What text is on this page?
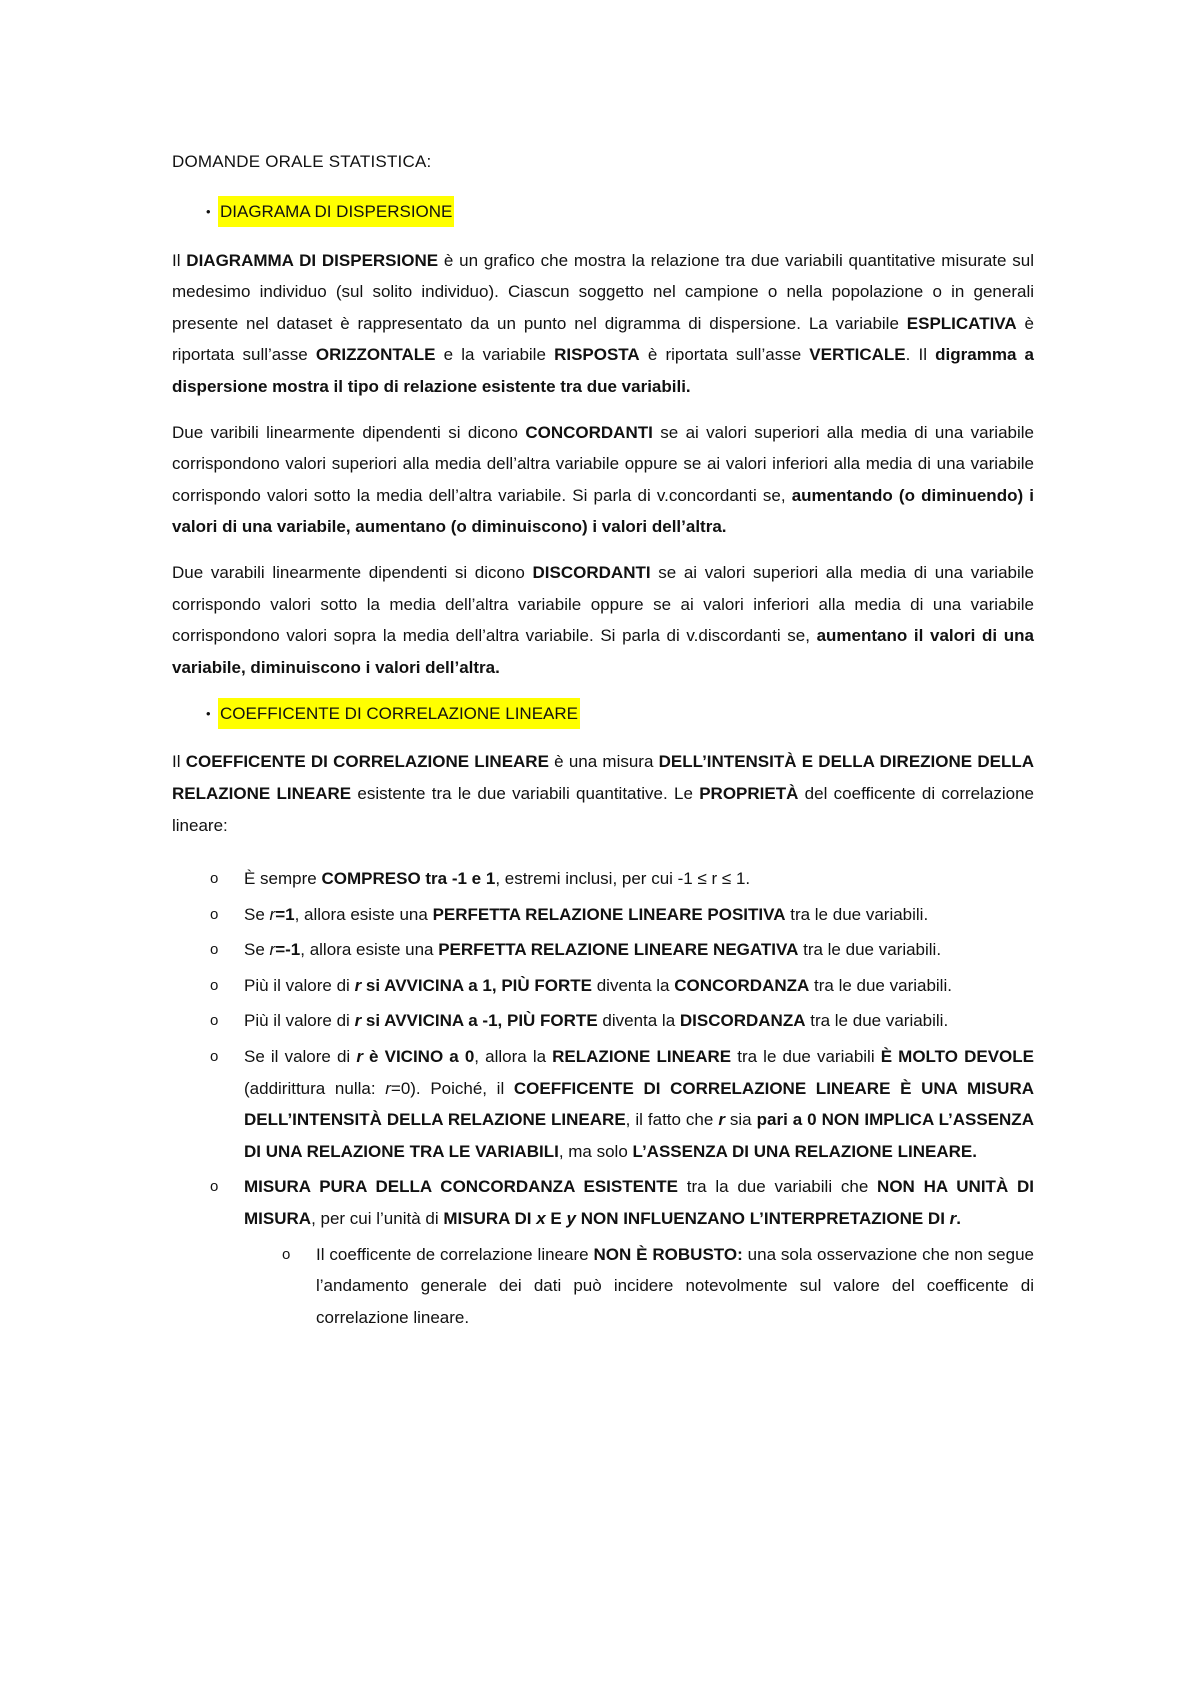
DOMANDE ORALE STATISTICA:
• DIAGRAMA DI DISPERSIONE

Il DIAGRAMMA DI DISPERSIONE è un grafico che mostra la relazione tra due variabili quantitative misurate sul medesimo individuo (sul solito individuo). Ciascun soggetto nel campione o nella popolazione o in generali presente nel dataset è rappresentato da un punto nel digramma di dispersione. La variabile ESPLICATIVA è riportata sull’asse ORIZZONTALE e la variabile RISPOSTA è riportata sull’asse VERTICALE. Il digramma a dispersione mostra il tipo di relazione esistente tra due variabili.

Due varibili linearmente dipendenti si dicono CONCORDANTI se ai valori superiori alla media di una variabile corrispondono valori superiori alla media dell’altra variabile oppure se ai valori inferiori alla media di una variabile corrispondo valori sotto la media dell’altra variabile. Si parla di v.concordanti se, aumentando (o diminuendo) i valori di una variabile, aumentano (o diminuiscono) i valori dell’altra.

Due varabili linearmente dipendenti si dicono DISCORDANTI se ai valori superiori alla media di una variabile corrispondo valori sotto la media dell’altra variabile oppure se ai valori inferiori alla media di una variabile corrispondono valori sopra la media dell’altra variabile. Si parla di v.discordanti se, aumentano il valori di una variabile, diminuiscono i valori dell’altra.

• COEFFICENTE DI CORRELAZIONE LINEARE

Il COEFFICENTE DI CORRELAZIONE LINEARE è una misura DELL’INTENSITÀ E DELLA DIREZIONE DELLA RELAZIONE LINEARE esistente tra le due variabili quantitative. Le PROPRIETÀ del coefficente di correlazione lineare:

o È sempre COMPRESO tra -1 e 1, estremi inclusi, per cui -1 ≤ r ≤ 1.
o Se r=1, allora esiste una PERFETTA RELAZIONE LINEARE POSITIVA tra le due variabili.
o Se r=-1, allora esiste una PERFETTA RELAZIONE LINEARE NEGATIVA tra le due variabili.
o Più il valore di r si AVVICINA a 1, PIÙ FORTE diventa la CONCORDANZA tra le due variabili.
o Più il valore di r si AVVICINA a -1, PIÙ FORTE diventa la DISCORDANZA tra le due variabili.
o Se il valore di r è VICINO a 0, allora la RELAZIONE LINEARE tra le due variabili È MOLTO DEVOLE (addirittura nulla: r=0). Poiché, il COEFFICENTE DI CORRELAZIONE LINEARE È UNA MISURA DELL’INTENSITÀ DELLA RELAZIONE LINEARE, il fatto che r sia pari a 0 NON IMPLICA L’ASSENZA DI UNA RELAZIONE TRA LE VARIABILI, ma solo L’ASSENZA DI UNA RELAZIONE LINEARE.
o MISURA PURA DELLA CONCORDANZA ESISTENTE tra la due variabili che NON HA UNITÀ DI MISURA, per cui l’unità di MISURA DI x E y NON INFLUENZANO L’INTERPRETAZIONE DI r.
o Il coefficente de correlazione lineare NON È ROBUSTO: una sola osservazione che non segue l’andamento generale dei dati può incidere notevolmente sul valore del coefficente di correlazione lineare.
